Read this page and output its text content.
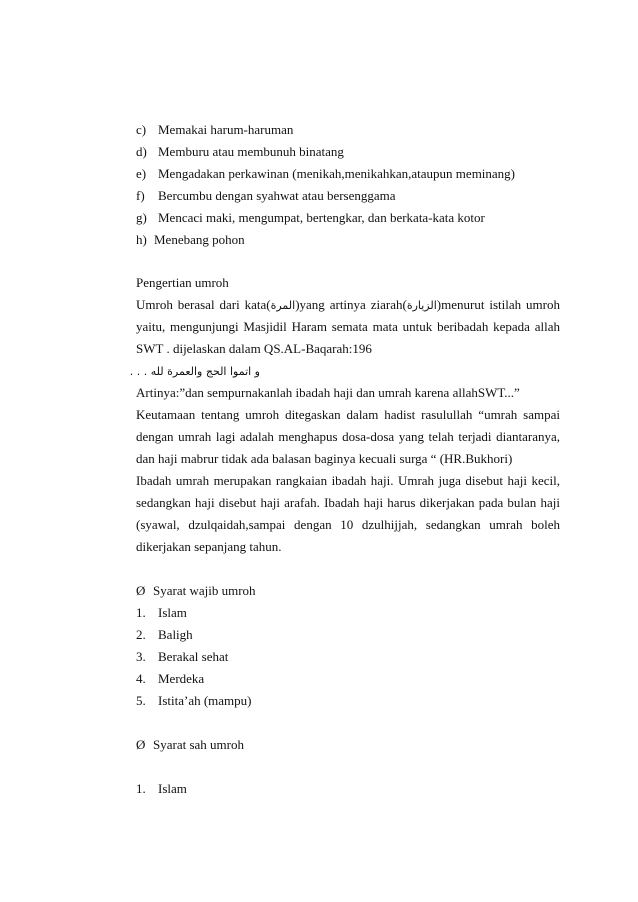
c) Memakai harum-haruman
d) Memburu atau membunuh binatang
e) Mengadakan perkawinan (menikah,menikahkan,ataupun meminang)
f) Bercumbu dengan syahwat atau bersenggama
g) Mencaci maki, mengumpat, bertengkar, dan berkata-kata kotor
h) Menebang pohon
Pengertian umroh
Umroh berasal dari kata(المرة)yang artinya ziarah(الزيارة)menurut istilah umroh
yaitu, mengunjungi Masjidil Haram semata mata untuk beribadah kepada allah
SWT . dijelaskan dalam QS.AL-Baqarah:196
و اتموا الحج والعمرة لله . . .
Artinya:”dan sempurnakanlah ibadah haji dan umrah karena allahSWT...”
Keutamaan tentang umroh ditegaskan dalam hadist rasulullah “umrah sampai
dengan umrah lagi adalah menghapus dosa-dosa yang telah terjadi diantaranya,
dan haji mabrur tidak ada balasan baginya kecuali surga “ (HR.Bukhori)
Ibadah umrah merupakan rangkaian ibadah haji. Umrah juga disebut haji kecil,
sedangkan haji disebut haji arafah. Ibadah haji harus dikerjakan pada bulan haji
(syawal, dzulqaidah,sampai dengan 10 dzulhijjah, sedangkan umrah boleh
dikerjakan sepanjang tahun.
Ø Syarat wajib umroh
1. Islam
2. Baligh
3. Berakal sehat
4. Merdeka
5. Istita’ah (mampu)
Ø Syarat sah umroh
1. Islam
